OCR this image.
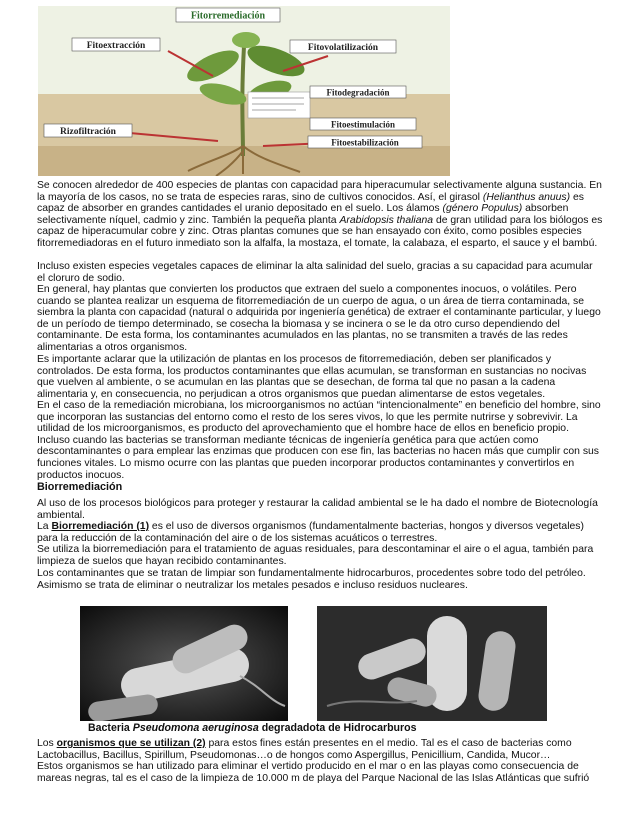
Fitorremediación
Fitoextracción	Fitovolatilización
Fitodegradación
Fitoestimulación
Rizofiltración
Fitoestabilización

Se conocen alrededor de 400 especies de plantas con capacidad para hiperacumular selectivamente alguna sustancia. En la mayoría de los casos, no se trata de especies raras, sino de cultivos conocidos. Así, el girasol (Helianthus anuus) es capaz de absorber en grandes cantidades el uranio depositado en el suelo. Los álamos (género Populus) absorben selectivamente níquel, cadmio y zinc. También la pequeña planta Arabidopsis thaliana de gran utilidad para los biólogos es capaz de hiperacumular cobre y zinc. Otras plantas comunes que se han ensayado con éxito, como posibles especies fitorremediadoras en el futuro inmediato son la alfalfa, la mostaza, el tomate, la calabaza, el esparto, el sauce y el bambú.

Incluso existen especies vegetales capaces de eliminar la alta salinidad del suelo, gracias a su capacidad para acumular el cloruro de sodio.

En general, hay plantas que convierten los productos que extraen del suelo a componentes inocuos, o volátiles. Pero cuando se plantea realizar un esquema de fitorremediación de un cuerpo de agua, o un área de tierra contaminada, se siembra la planta con capacidad (natural o adquirida por ingeniería genética) de extraer el contaminante particular, y luego de un período de tiempo determinado, se cosecha la biomasa y se incinera o se le da otro curso dependiendo del contaminante. De esta forma, los contaminantes acumulados en las plantas, no se transmiten a través de las redes alimentarias a otros organismos.

Es importante aclarar que la utilización de plantas en los procesos de fitorremediación, deben ser planificados y controlados. De esta forma, los productos contaminantes que ellas acumulan, se transforman en sustancias no nocivas que vuelven al ambiente, o se acumulan en las plantas que se desechan, de forma tal que no pasan a la cadena alimentaria y, en consecuencia, no perjudican a otros organismos que puedan alimentarse de estos vegetales.

En el caso de la remediación microbiana, los microorganismos no actúan “intencionalmente” en beneficio del hombre, sino que incorporan las sustancias del entorno como el resto de los seres vivos, lo que les permite nutrirse y sobrevivir. La utilidad de los microorganismos, es producto del aprovechamiento que el hombre hace de ellos en beneficio propio. Incluso cuando las bacterias se transforman mediante técnicas de ingeniería genética para que actúen como descontaminantes o para emplear las enzimas que producen con ese fin, las bacterias no hacen más que cumplir con sus funciones vitales. Lo mismo ocurre con las plantas que pueden incorporar productos contaminantes y convertirlos en productos inocuos.

Biorremediación

Al uso de los procesos biológicos para proteger y restaurar la calidad ambiental se le ha dado el nombre de Biotecnología ambiental.

La Biorremediación (1) es el uso de diversos organismos (fundamentalmente bacterias, hongos y diversos vegetales) para la reducción de la contaminación del aire o de los sistemas acuáticos o terrestres.

Se utiliza la biorremediación para el tratamiento de aguas residuales, para descontaminar el aire o el agua, también para limpieza de suelos que hayan recibido contaminantes.

Los contaminantes que se tratan de limpiar son fundamentalmente hidrocarburos, procedentes sobre todo del petróleo. Asimismo se trata de eliminar o neutralizar los metales pesados e incluso residuos nucleares.

Bacteria Pseudomona aeruginosa degradadota de Hidrocarburos

Los organismos que se utilizan (2) para estos fines están presentes en el medio. Tal es el caso de bacterias como Lactobacillus, Bacillus, Spirillum, Pseudomonas…o de hongos como Aspergillus, Penicillium, Candida, Mucor…

Estos organismos se han utilizado para eliminar el vertido producido en el mar o en las playas como consecuencia de mareas negras, tal es el caso de la limpieza de 10.000 m de playa del Parque Nacional de las Islas Atlánticas que sufrió
